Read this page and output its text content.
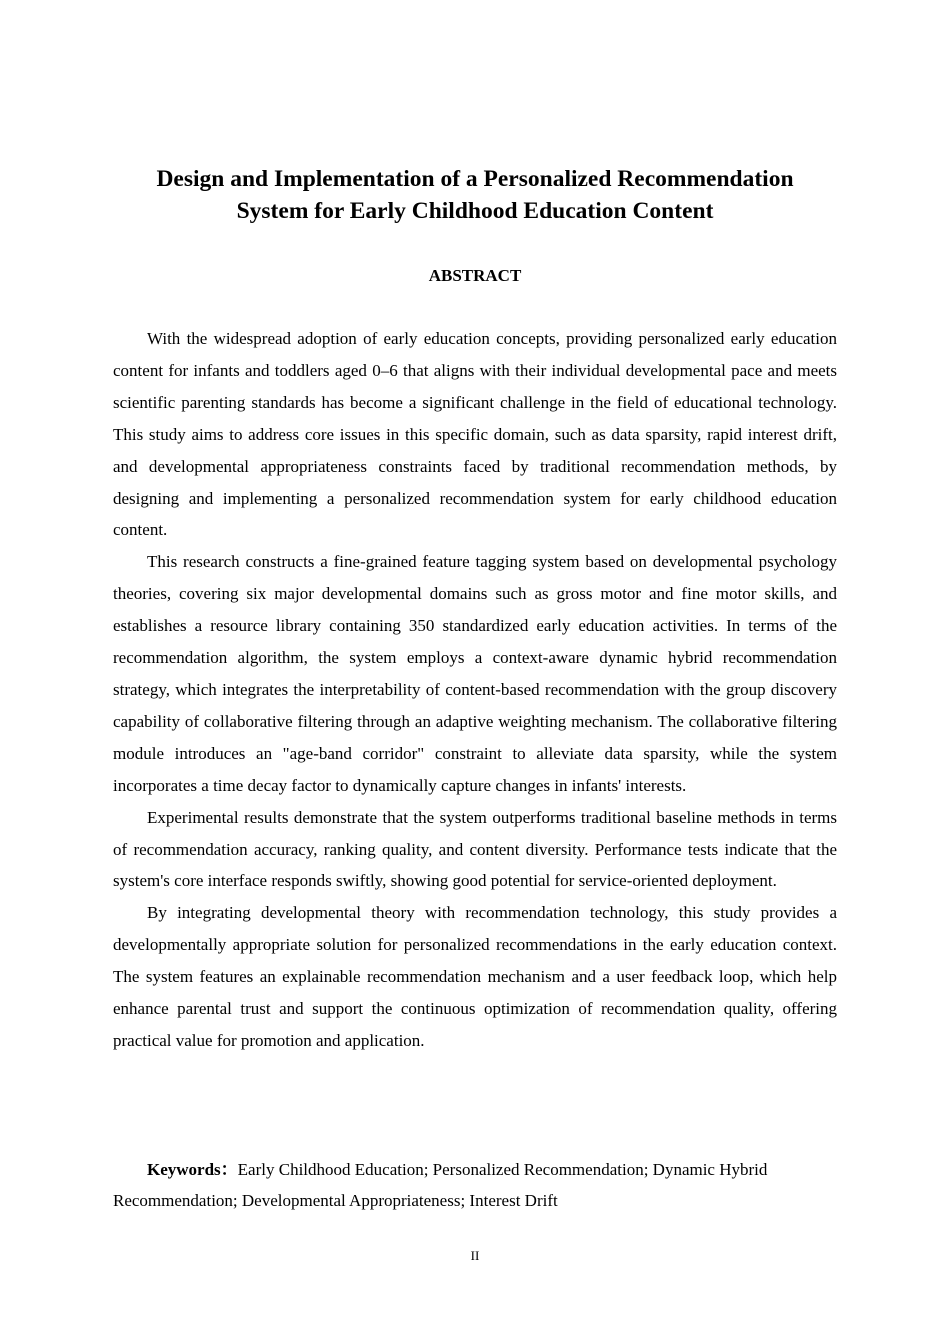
Design and Implementation of a Personalized Recommendation
System for Early Childhood Education Content
ABSTRACT

With the widespread adoption of early education concepts, providing personalized early education content for infants and toddlers aged 0–6 that aligns with their individual developmental pace and meets scientific parenting standards has become a significant challenge in the field of educational technology. This study aims to address core issues in this specific domain, such as data sparsity, rapid interest drift, and developmental appropriateness constraints faced by traditional recommendation methods, by designing and implementing a personalized recommendation system for early childhood education content.

This research constructs a fine-grained feature tagging system based on developmental psychology theories, covering six major developmental domains such as gross motor and fine motor skills, and establishes a resource library containing 350 standardized early education activities. In terms of the recommendation algorithm, the system employs a context-aware dynamic hybrid recommendation strategy, which integrates the interpretability of content-based recommendation with the group discovery capability of collaborative filtering through an adaptive weighting mechanism. The collaborative filtering module introduces an "age-band corridor" constraint to alleviate data sparsity, while the system incorporates a time decay factor to dynamically capture changes in infants' interests.

Experimental results demonstrate that the system outperforms traditional baseline methods in terms of recommendation accuracy, ranking quality, and content diversity. Performance tests indicate that the system's core interface responds swiftly, showing good potential for service-oriented deployment.

By integrating developmental theory with recommendation technology, this study provides a developmentally appropriate solution for personalized recommendations in the early education context. The system features an explainable recommendation mechanism and a user feedback loop, which help enhance parental trust and support the continuous optimization of recommendation quality, offering practical value for promotion and application.

Keywords：Early Childhood Education; Personalized Recommendation; Dynamic Hybrid Recommendation; Developmental Appropriateness; Interest Drift

II
